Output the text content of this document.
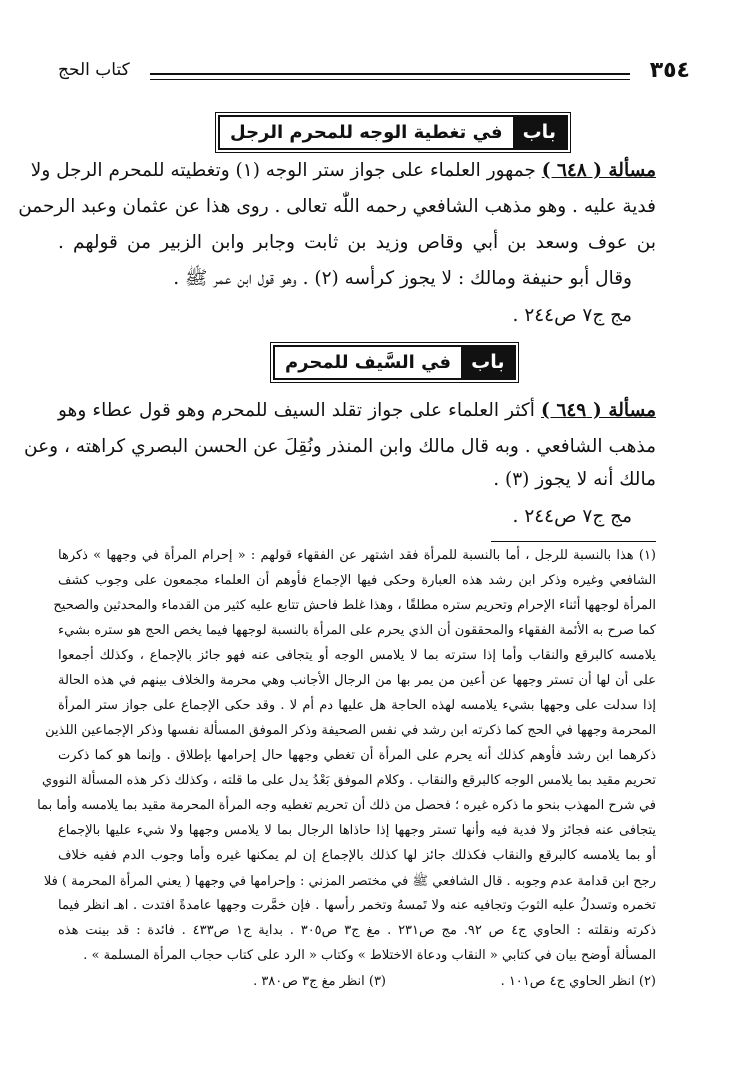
٣٥٤
كتاب الحج
باب
في تغطية الوجه للمحرم الرجل
مسألة ( ٦٤٨ ) جمهور العلماء على جواز ستر الوجه (١) وتغطيته للمحرم الرجل ولا
فدية عليه . وهو مذهب الشافعي رحمه اللّٰه تعالى . روى هذا عن عثمان وعبد الرحمن
بن عوف وسعد بن أبي وقاص وزيد بن ثابت وجابر وابن الزبير من قولهم .
وقال أبو حنيفة ومالك : لا يجوز كرأسه (٢) . وهو قول ابن عمر ﷺ .
مج ج٧ ص٢٤٤ .
باب
في السَّيف للمحرم
مسألة ( ٦٤٩ ) أكثر العلماء على جواز تقلد السيف للمحرم وهو قول عطاء وهو
مذهب الشافعي . وبه قال مالك وابن المنذر ونُقِلَ عن الحسن البصري كراهته ، وعن
مالك أنه لا يجوز (٣) .
مج ج٧ ص٢٤٤ .
(١) هذا بالنسبة للرجل ، أما بالنسبة للمرأة فقد اشتهر عن الفقهاء قولهم : « إحرام المرأة في وجهها » ذكرها
الشافعي وغيره وذكر ابن رشد هذه العبارة وحكى فيها الإجماع فأوهم أن العلماء مجمعون على وجوب كشف
المرأة لوجهها أثناء الإحرام وتحريم ستره مطلقًا ، وهذا غلط فاحش تتابع عليه كثير من القدماء والمحدثين والصحيح
كما صرح به الأئمة الفقهاء والمحققون أن الذي يحرم على المرأة بالنسبة لوجهها فيما يخص الحج هو ستره بشيء
يلامسه كالبرقع والنقاب وأما إذا سترته بما لا يلامس الوجه أو يتجافى عنه فهو جائز بالإجماع ، وكذلك أجمعوا
على أن لها أن تستر وجهها عن أعين من يمر بها من الرجال الأجانب وهي محرمة والخلاف بينهم في هذه الحالة
إذا سدلت على وجهها بشيء يلامسه لهذه الحاجة هل عليها دم أم لا . وقد حكى الإجماع على جواز ستر المرأة
المحرمة وجهها في الحج كما ذكرته ابن رشد في نفس الصحيفة وذكر الموفق المسألة نفسها وذكر الإجماعين اللذين
ذكرهما ابن رشد فأوهم كذلك أنه يحرم على المرأة أن تغطي وجهها حال إحرامها بإطلاق . وإنما هو كما ذكرت
تحريم مقيد بما يلامس الوجه كالبرقع والنقاب . وكلام الموفق بَعْدُ يدل على ما قلته ، وكذلك ذكر هذه المسألة النووي
في شرح المهذب بنحو ما ذكره غيره ؛ فحصل من ذلك أن تحريم تغطيه وجه المرأة المحرمة مقيد بما يلامسه وأما بما
يتجافى عنه فجائز ولا فدية فيه وأنها تستر وجهها إذا حاذاها الرجال بما لا يلامس وجهها ولا شيء عليها بالإجماع
أو بما يلامسه كالبرقع والنقاب فكذلك جائز لها كذلك بالإجماع إن لم يمكنها غيره وأما وجوب الدم ففيه خلاف
رجح ابن قدامة عدم وجوبه . قال الشافعي ﷺ في مختصر المزني : وإحرامها في وجهها ( يعني المرأة المحرمة ) فلا
تخمره وتسدلُ عليه الثوبَ وتجافيه عنه ولا تَمسهُ وتخمر رأسها . فإن خمَّرت وجهها عامدةً افتدت . اهـ انظر فيما
ذكرته ونقلته : الحاوي ج٤ ص ٩٢. مج ص٢٣١ . مغ ج٣ ص٣٠٥ . بداية ج١ ص٤٣٣ . فائدة : قد بينت هذه
المسألة أوضح بيان في كتابي « النقاب ودعاة الاختلاط » وكتاب « الرد على كتاب حجاب المرأة المسلمة » .
(٢) انظر الحاوي ج٤ ص١٠١ .
(٣) انظر مغ ج٣ ص٣٨٠ .
